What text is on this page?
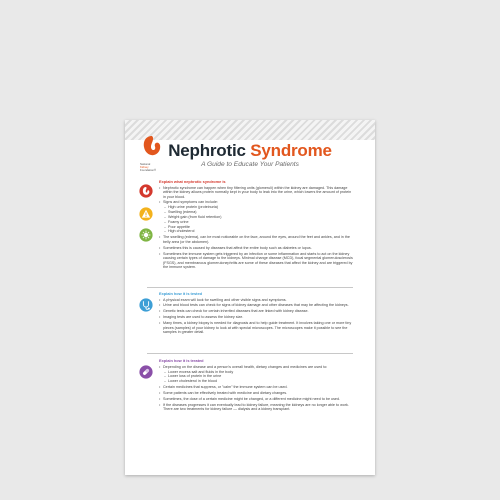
National
Kidney
Foundation®
Nephrotic Syndrome
A Guide to Educate Your Patients
Explain what nephrotic syndrome is
• Nephrotic syndrome can happen when tiny filtering units (glomeruli) within the kidney are damaged. This damage within the kidney allows protein normally kept in your body to leak into the urine, which lowers the amount of protein in your blood.
• Signs and symptoms can include:
– High urine protein (proteinuria)
– Swelling (edema)
– Weight gain (from fluid retention)
– Foamy urine
– Poor appetite
– High cholesterol
• The swelling (edema), can be most noticeable on the face, around the eyes, around the feet and ankles, and in the belly area (or the abdomen).
• Sometimes this is caused by diseases that affect the entire body such as diabetes or lupus.
• Sometimes the immune system gets triggered by an infection or some inflammation and starts to act on the kidney causing certain types of damage to the kidneys. Minimal change disease (MCD), focal segmental glomerulosclerosis (FSGS), and membranous glomerulonephritis are some of these diseases that affect the kidney and are triggered by the immune system.
Explain how it is tested
• A physical exam will look for swelling and other visible signs and symptoms.
• Urine and blood tests can check for signs of kidney damage and other diseases that may be affecting the kidneys.
• Genetic tests can check for certain inherited diseases that are linked with kidney disease.
• Imaging tests are used to assess the kidney size.
• Many times, a kidney biopsy is needed for diagnosis and to help guide treatment. It involves taking one or more tiny pieces (samples) of your kidney to look at with special microscopes. The microscopes make it possible to see the samples in greater detail.
Explain how it is treated
• Depending on the disease and a person's overall health, dietary changes and medicines are used to:
– Lower excess salt and fluids in the body
– Lower loss of protein in the urine
– Lower cholesterol in the blood
• Certain medicines that suppress, or "calm" the immune system can be used.
• Some patients can be effectively treated with medicine and dietary changes.
• Sometimes, the dose of a certain medicine might be changed, or a different medicine might need to be used.
• If the diseases progresses it can eventually lead to kidney failure, meaning the kidneys are no longer able to work. There are two treatments for kidney failure — dialysis and a kidney transplant.
